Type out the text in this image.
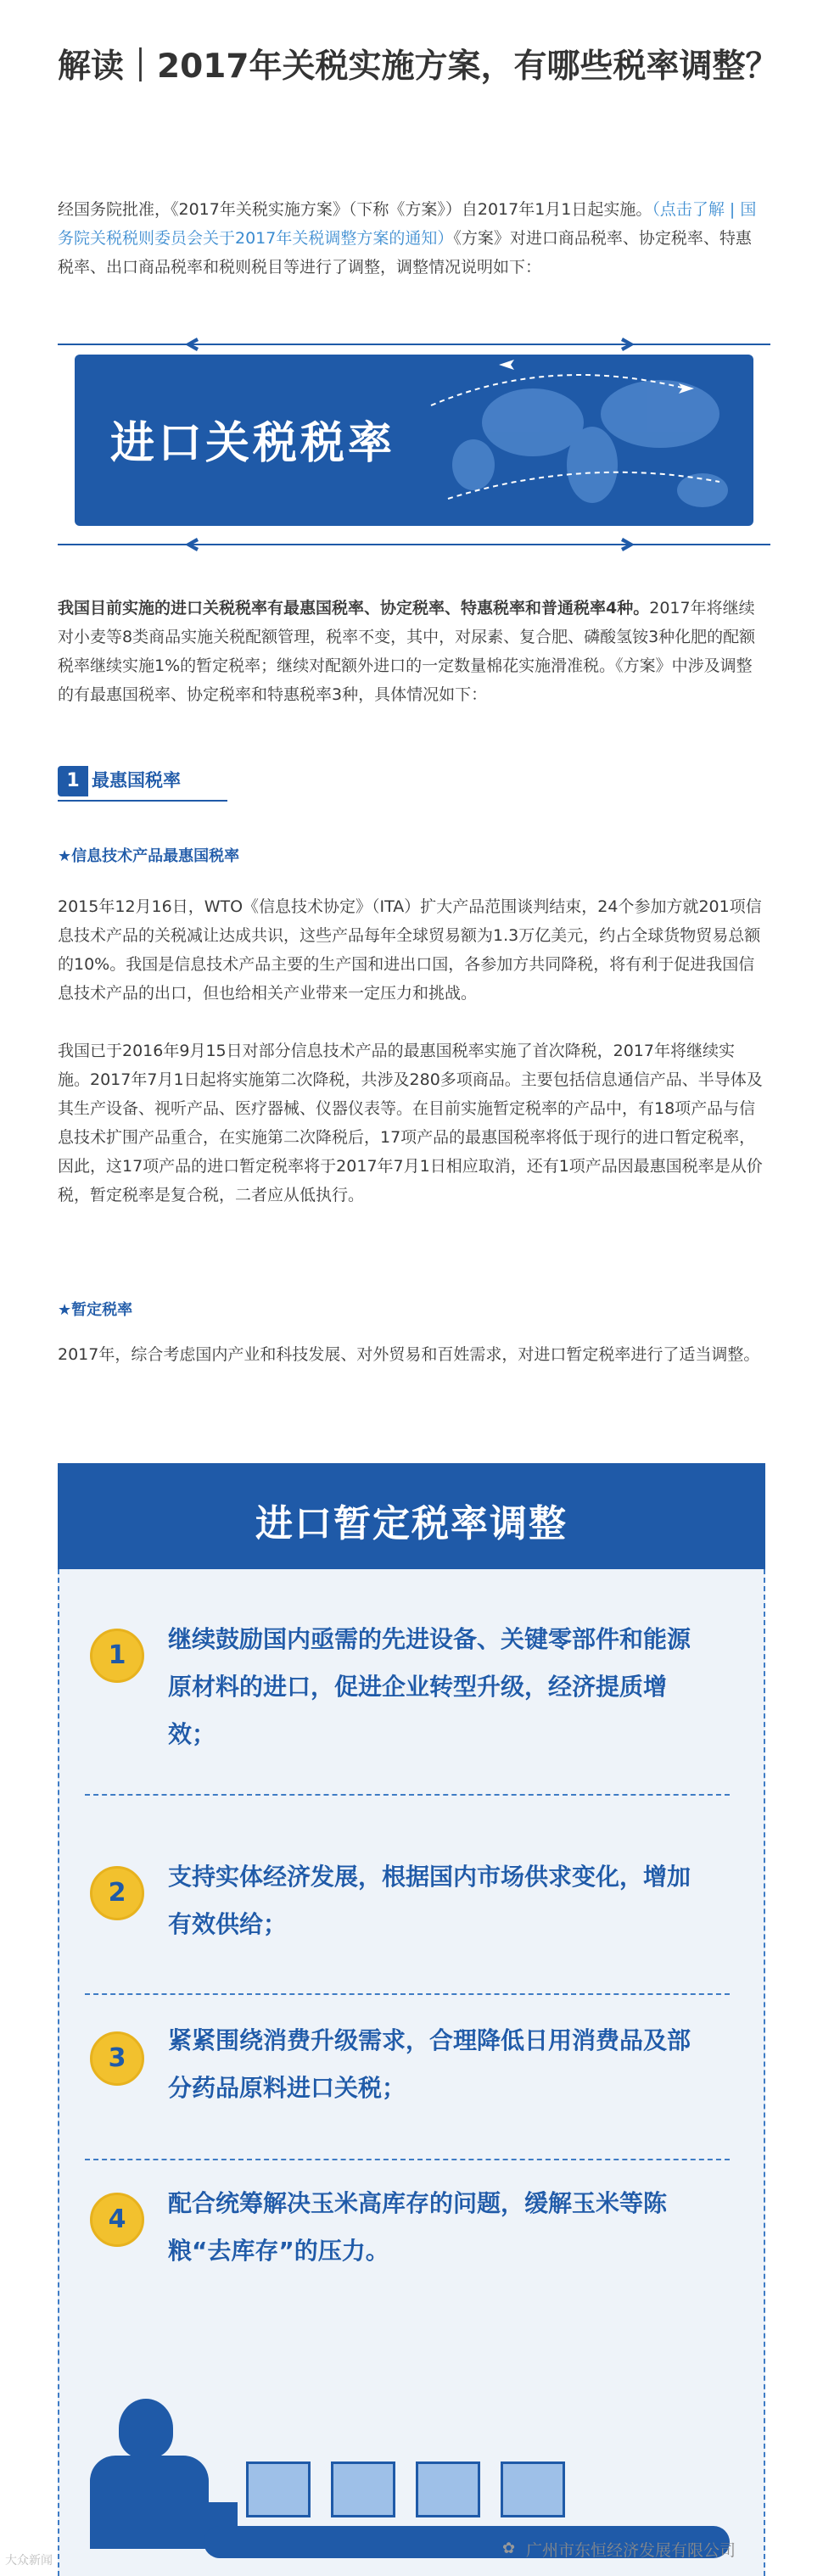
解读｜2017年关税实施方案，有哪些税率调整？
经国务院批准，《2017年关税实施方案》（下称《方案》）自2017年1月1日起实施。（点击了解 | 国务院关税税则委员会关于2017年关税调整方案的通知）《方案》对进口商品税率、协定税率、特惠税率、出口商品税率和税则税目等进行了调整，调整情况说明如下：
进口关税税率
我国目前实施的进口关税税率有最惠国税率、协定税率、特惠税率和普通税率4种。2017年将继续对小麦等8类商品实施关税配额管理，税率不变，其中，对尿素、复合肥、磷酸氢铵3种化肥的配额税率继续实施1%的暂定税率；继续对配额外进口的一定数量棉花实施滑准税。《方案》中涉及调整的有最惠国税率、协定税率和特惠税率3种，具体情况如下：
1 最惠国税率
★信息技术产品最惠国税率
2015年12月16日，WTO《信息技术协定》（ITA）扩大产品范围谈判结束，24个参加方就201项信息技术产品的关税减让达成共识，这些产品每年全球贸易额为1.3万亿美元，约占全球货物贸易总额的10%。我国是信息技术产品主要的生产国和进出口国，各参加方共同降税，将有利于促进我国信息技术产品的出口，但也给相关产业带来一定压力和挑战。
我国已于2016年9月15日对部分信息技术产品的最惠国税率实施了首次降税，2017年将继续实施。2017年7月1日起将实施第二次降税，共涉及280多项商品。主要包括信息通信产品、半导体及其生产设备、视听产品、医疗器械、仪器仪表等。在目前实施暂定税率的产品中，有18项产品与信息技术扩围产品重合，在实施第二次降税后，17项产品的最惠国税率将低于现行的进口暂定税率，因此，这17项产品的进口暂定税率将于2017年7月1日相应取消，还有1项产品因最惠国税率是从价税，暂定税率是复合税，二者应从低执行。
★暂定税率
2017年，综合考虑国内产业和科技发展、对外贸易和百姓需求，对进口暂定税率进行了适当调整。
进口暂定税率调整
1
继续鼓励国内亟需的先进设备、关键零部件和能源原材料的进口，促进企业转型升级，经济提质增效；
2
支持实体经济发展，根据国内市场供求变化，增加有效供给；
3
紧紧围绕消费升级需求，合理降低日用消费品及部分药品原料进口关税；
4
配合统筹解决玉米高库存的问题，缓解玉米等陈粮“去库存”的压力。
✿ 广州市东恒经济发展有限公司
大众新闻
